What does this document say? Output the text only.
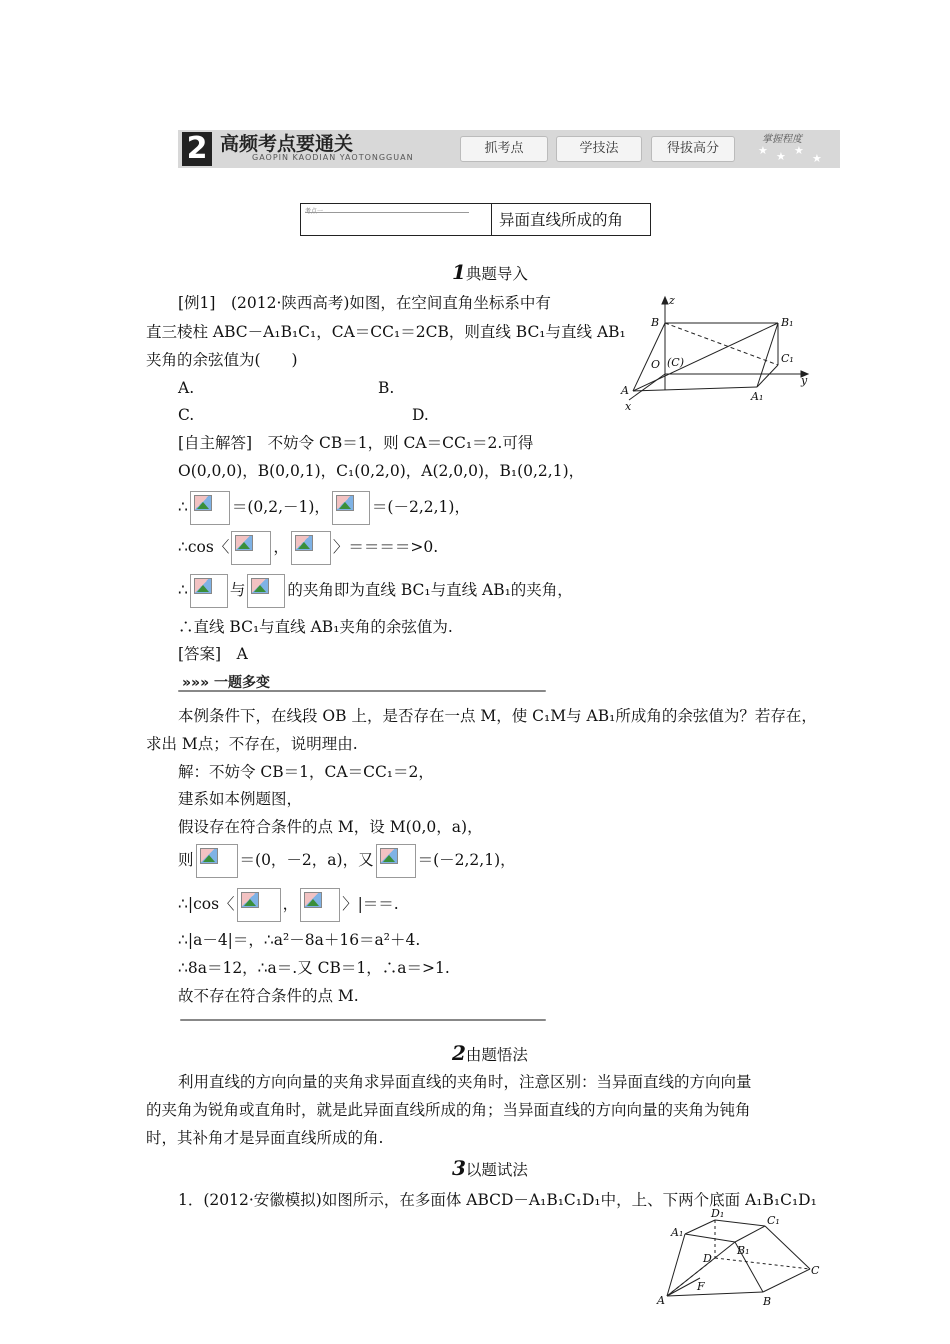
2 高频考点要通关
GAOPIN KAODIAN YAOTONGGUAN
抓考点	学技法	得拔高分
掌握程度
★ ★ ★
★
异面直线所成的角
1典题导入
[例1]　(2012·陕西高考)如图，在空间直角坐标系中有
直三棱柱 ABC－A₁B₁C₁，CA＝CC₁＝2CB，则直线 BC₁与直线 AB₁
夹角的余弦值为(　　)
A.	B.
C.	D.
z
y
x
B	B₁
O (C)	C₁
A	A₁
[自主解答]　不妨令 CB＝1，则 CA＝CC₁＝2.可得
O(0,0,0)，B(0,0,1)，C₁(0,2,0)，A(2,0,0)，B₁(0,2,1)，
∴	＝(0,2,－1)，	＝(－2,2,1)，
∴cos〈	，	〉＝＝＝＝>0.
∴	与	的夹角即为直线 BC₁与直线 AB₁的夹角，
∴直线 BC₁与直线 AB₁夹角的余弦值为.
[答案]　A
»»» 一题多变
本例条件下，在线段 OB 上，是否存在一点 M，使 C₁M与 AB₁所成角的余弦值为？若存在，
求出 M点；不存在，说明理由.
解：不妨令 CB＝1，CA＝CC₁＝2，
建系如本例题图，
假设存在符合条件的点 M，设 M(0,0，a)，
则	＝(0，－2，a)，又	＝(－2,2,1)，
∴|cos〈	，	〉|＝＝.
∴|a－4|＝，∴a²－8a＋16＝a²＋4.
∴8a＝12，∴a＝.又 CB＝1，∴a＝>1.
故不存在符合条件的点 M.
2由题悟法
利用直线的方向向量的夹角求异面直线的夹角时，注意区别：当异面直线的方向向量
的夹角为锐角或直角时，就是此异面直线所成的角；当异面直线的方向向量的夹角为钝角
时，其补角才是异面直线所成的角.
3以题试法
1．(2012·安徽模拟)如图所示，在多面体 ABCD－A₁B₁C₁D₁中，上、下两个底面 A₁B₁C₁D₁
D₁
A₁
C₁
D
B₁
F
C
A	B
